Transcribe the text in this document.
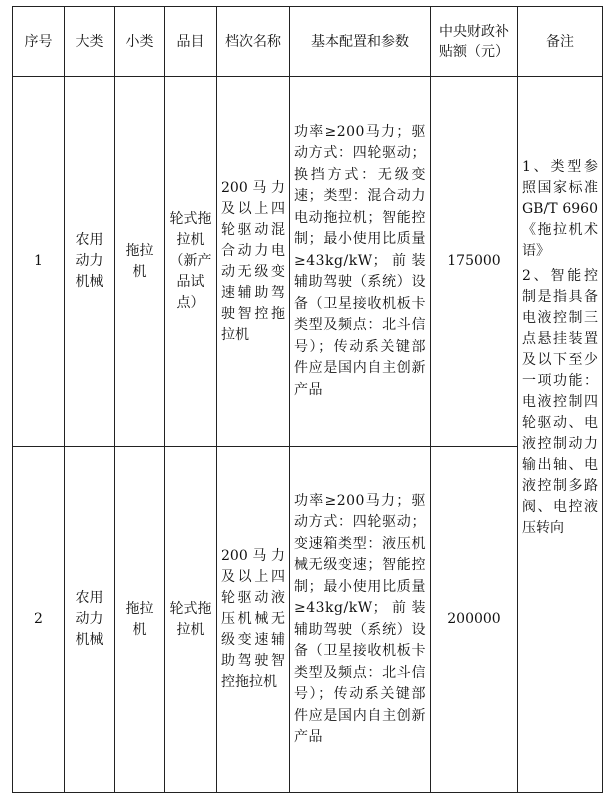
序号	大类	小类	品目	档次名称	基本配置和参数	中央财政补贴额（元）	备注
1	农用动力机械	拖拉机	轮式拖拉机（新产品试点）	200马力及以上四轮驱动混合动力电动无级变速辅助驾驶智控拖拉机	功率≥200马力；驱动方式：四轮驱动；换挡方式：无级变速；类型：混合动力电动拖拉机；智能控制；最小使用比质量≥43kg/kW；前装辅助驾驶（系统）设备（卫星接收机板卡类型及频点：北斗信号）；传动系关键部件应是国内自主创新产品	175000	1、类型参照国家标准GB/T 6960《拖拉机术语》

2、智能控制是指具备电液控制三点悬挂装置及以下至少一项功能：电液控制四轮驱动、电液控制动力输出轴、电液控制多路阀、电控液压转向

2	农用动力机械	拖拉机	轮式拖拉机	200马力及以上四轮驱动液压机械无级变速辅助驾驶智控拖拉机	功率≥200马力；驱动方式：四轮驱动；变速箱类型：液压机械无级变速；智能控制；最小使用比质量≥43kg/kW；前装辅助驾驶（系统）设备（卫星接收机板卡类型及频点：北斗信号）；传动系关键部件应是国内自主创新产品	200000	
